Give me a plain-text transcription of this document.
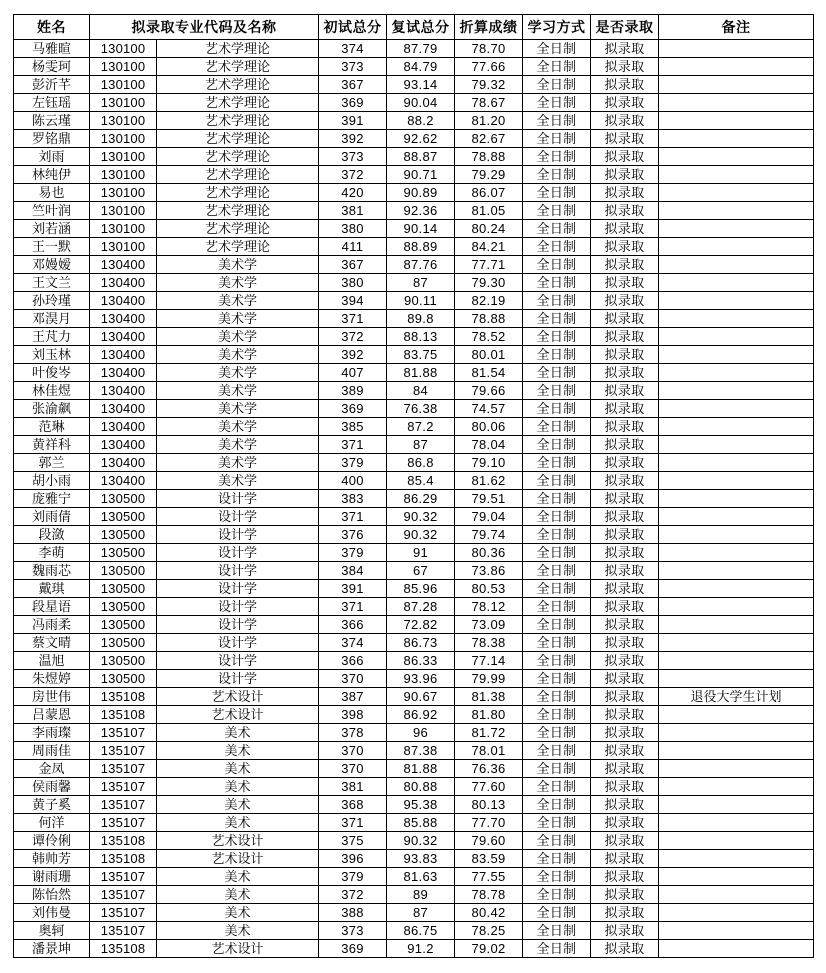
姓名	拟录取专业代码及名称		初试总分	复试总分	折算成绩	学习方式	是否录取	备注
马雅暄	130100	艺术学理论	374	87.79	78.70	全日制	拟录取	
杨雯珂	130100	艺术学理论	373	84.79	77.66	全日制	拟录取	
彭沂芊	130100	艺术学理论	367	93.14	79.32	全日制	拟录取	
左钰瑶	130100	艺术学理论	369	90.04	78.67	全日制	拟录取	
陈云瑾	130100	艺术学理论	391	88.2	81.20	全日制	拟录取	
罗铭鼎	130100	艺术学理论	392	92.62	82.67	全日制	拟录取	
刘雨	130100	艺术学理论	373	88.87	78.88	全日制	拟录取	
林纯伊	130100	艺术学理论	372	90.71	79.29	全日制	拟录取	
易也	130100	艺术学理论	420	90.89	86.07	全日制	拟录取	
竺叶润	130100	艺术学理论	381	92.36	81.05	全日制	拟录取	
刘若涵	130100	艺术学理论	380	90.14	80.24	全日制	拟录取	
王一默	130100	艺术学理论	411	88.89	84.21	全日制	拟录取	
邓嫚嫒	130400	美术学	367	87.76	77.71	全日制	拟录取	
王文兰	130400	美术学	380	87	79.30	全日制	拟录取	
孙玲瑾	130400	美术学	394	90.11	82.19	全日制	拟录取	
邓淏月	130400	美术学	371	89.8	78.88	全日制	拟录取	
王芃力	130400	美术学	372	88.13	78.52	全日制	拟录取	
刘玉林	130400	美术学	392	83.75	80.01	全日制	拟录取	
叶俊岑	130400	美术学	407	81.88	81.54	全日制	拟录取	
林佳煜	130400	美术学	389	84	79.66	全日制	拟录取	
张渝飙	130400	美术学	369	76.38	74.57	全日制	拟录取	
范琳	130400	美术学	385	87.2	80.06	全日制	拟录取	
黄祥科	130400	美术学	371	87	78.04	全日制	拟录取	
郭兰	130400	美术学	379	86.8	79.10	全日制	拟录取	
胡小雨	130400	美术学	400	85.4	81.62	全日制	拟录取	
庞雅宁	130500	设计学	383	86.29	79.51	全日制	拟录取	
刘雨倩	130500	设计学	371	90.32	79.04	全日制	拟录取	
段潋	130500	设计学	376	90.32	79.74	全日制	拟录取	
李萌	130500	设计学	379	91	80.36	全日制	拟录取	
魏雨芯	130500	设计学	384	67	73.86	全日制	拟录取	
戴琪	130500	设计学	391	85.96	80.53	全日制	拟录取	
段星语	130500	设计学	371	87.28	78.12	全日制	拟录取	
冯雨柔	130500	设计学	366	72.82	73.09	全日制	拟录取	
蔡文晴	130500	设计学	374	86.73	78.38	全日制	拟录取	
温旭	130500	设计学	366	86.33	77.14	全日制	拟录取	
朱煜婷	130500	设计学	370	93.96	79.99	全日制	拟录取	
房世伟	135108	艺术设计	387	90.67	81.38	全日制	拟录取	退役大学生计划
吕蒙恩	135108	艺术设计	398	86.92	81.80	全日制	拟录取	
李雨璨	135107	美术	378	96	81.72	全日制	拟录取	
周雨佳	135107	美术	370	87.38	78.01	全日制	拟录取	
金凤	135107	美术	370	81.88	76.36	全日制	拟录取	
侯雨馨	135107	美术	381	80.88	77.60	全日制	拟录取	
黄子奚	135107	美术	368	95.38	80.13	全日制	拟录取	
何洋	135107	美术	371	85.88	77.70	全日制	拟录取	
谭伶俐	135108	艺术设计	375	90.32	79.60	全日制	拟录取	
韩帅芳	135108	艺术设计	396	93.83	83.59	全日制	拟录取	
谢雨珊	135107	美术	379	81.63	77.55	全日制	拟录取	
陈怡然	135107	美术	372	89	78.78	全日制	拟录取	
刘伟曼	135107	美术	388	87	80.42	全日制	拟录取	
奥轲	135107	美术	373	86.75	78.25	全日制	拟录取	
潘景坤	135108	艺术设计	369	91.2	79.02	全日制	拟录取	
